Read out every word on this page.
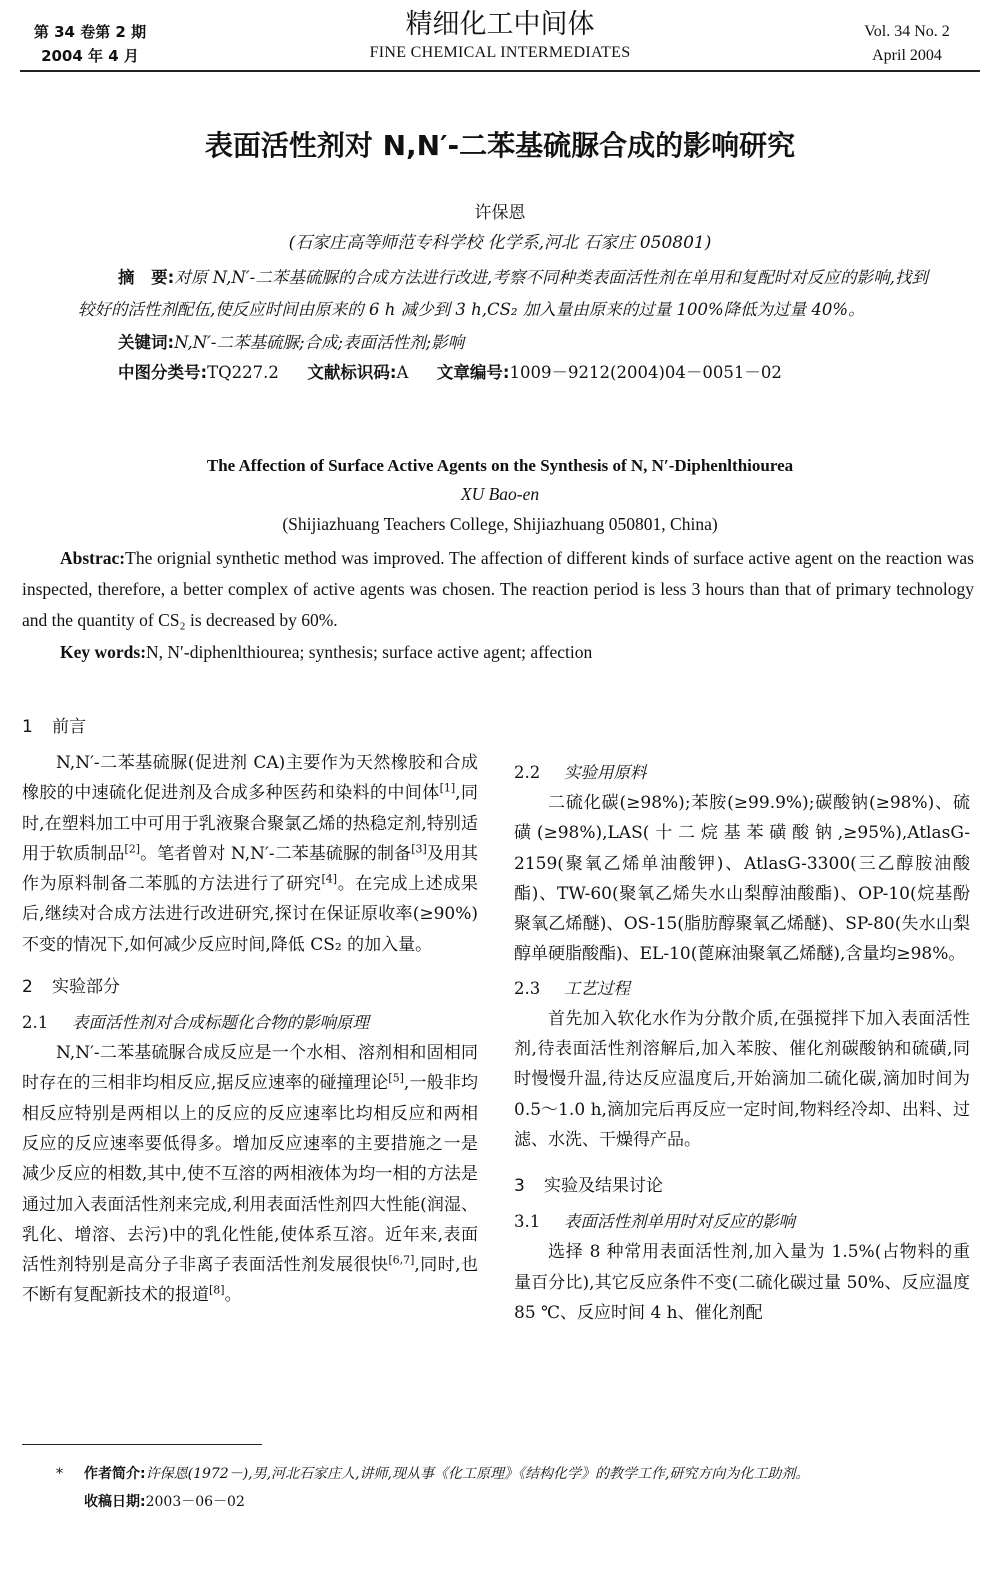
第 34 卷第 2 期
2004 年 4 月
精细化工中间体
FINE CHEMICAL INTERMEDIATES
Vol. 34 No. 2
April 2004
表面活性剂对 N,N′-二苯基硫脲合成的影响研究
许保恩
(石家庄高等师范专科学校 化学系,河北 石家庄 050801)
摘　要:对原 N,N′-二苯基硫脲的合成方法进行改进,考察不同种类表面活性剂在单用和复配时对反应的影响,找到较好的活性剂配伍,使反应时间由原来的 6 h 减少到 3 h,CS₂ 加入量由原来的过量 100%降低为过量 40%。
关键词:N,N′-二苯基硫脲;合成;表面活性剂;影响
中图分类号:TQ227.2 文献标识码:A 文章编号:1009－9212(2004)04－0051－02
The Affection of Surface Active Agents on the Synthesis of N, N′-Diphenlthiourea
XU Bao-en
(Shijiazhuang Teachers College, Shijiazhuang 050801, China)
Abstrac:The orignial synthetic method was improved. The affection of different kinds of surface active agent on the reaction was inspected, therefore, a better complex of active agents was chosen. The reaction period is less 3 hours than that of primary technology and the quantity of CS₂ is decreased by 60%.
Key words:N, N′-diphenlthiourea; synthesis; surface active agent; affection
1 前言

N,N′-二苯基硫脲(促进剂 CA)主要作为天然橡胶和合成橡胶的中速硫化促进剂及合成多种医药和染料的中间体[1],同时,在塑料加工中可用于乳液聚合聚氯乙烯的热稳定剂,特别适用于软质制品[2]。笔者曾对 N,N′-二苯基硫脲的制备[3]及用其作为原料制备二苯胍的方法进行了研究[4]。在完成上述成果后,继续对合成方法进行改进研究,探讨在保证原收率(≥90%)不变的情况下,如何减少反应时间,降低 CS₂ 的加入量。

2 实验部分
2.1 表面活性剂对合成标题化合物的影响原理

N,N′-二苯基硫脲合成反应是一个水相、溶剂相和固相同时存在的三相非均相反应,据反应速率的碰撞理论[5],一般非均相反应特别是两相以上的反应的反应速率比均相反应和两相反应的反应速率要低得多。增加反应速率的主要措施之一是减少反应的相数,其中,使不互溶的两相液体为均一相的方法是通过加入表面活性剂来完成,利用表面活性剂四大性能(润湿、乳化、增溶、去污)中的乳化性能,使体系互溶。近年来,表面活性剂特别是高分子非离子表面活性剂发展很快[6,7],同时,也不断有复配新技术的报道[8]。

2.2 实验用原料

二硫化碳(≥98%);苯胺(≥99.9%);碳酸钠(≥98%)、硫磺(≥98%),LAS(十二烷基苯磺酸钠,≥95%),AtlasG-2159(聚氧乙烯单油酸钾)、AtlasG-3300(三乙醇胺油酸酯)、TW-60(聚氧乙烯失水山梨醇油酸酯)、OP-10(烷基酚聚氧乙烯醚)、OS-15(脂肪醇聚氧乙烯醚)、SP-80(失水山梨醇单硬脂酸酯)、EL-10(蓖麻油聚氧乙烯醚),含量均≥98%。

2.3 工艺过程

首先加入软化水作为分散介质,在强搅拌下加入表面活性剂,待表面活性剂溶解后,加入苯胺、催化剂碳酸钠和硫磺,同时慢慢升温,待达反应温度后,开始滴加二硫化碳,滴加时间为 0.5～1.0 h,滴加完后再反应一定时间,物料经冷却、出料、过滤、水洗、干燥得产品。

3 实验及结果讨论
3.1 表面活性剂单用时对反应的影响

选择 8 种常用表面活性剂,加入量为 1.5%(占物料的重量百分比),其它反应条件不变(二硫化碳过量 50%、反应温度 85 ℃、反应时间 4 h、催化剂配

* 作者简介:许保恩(1972－),男,河北石家庄人,讲师,现从事《化工原理》《结构化学》的教学工作,研究方向为化工助剂。
收稿日期:2003－06－02
